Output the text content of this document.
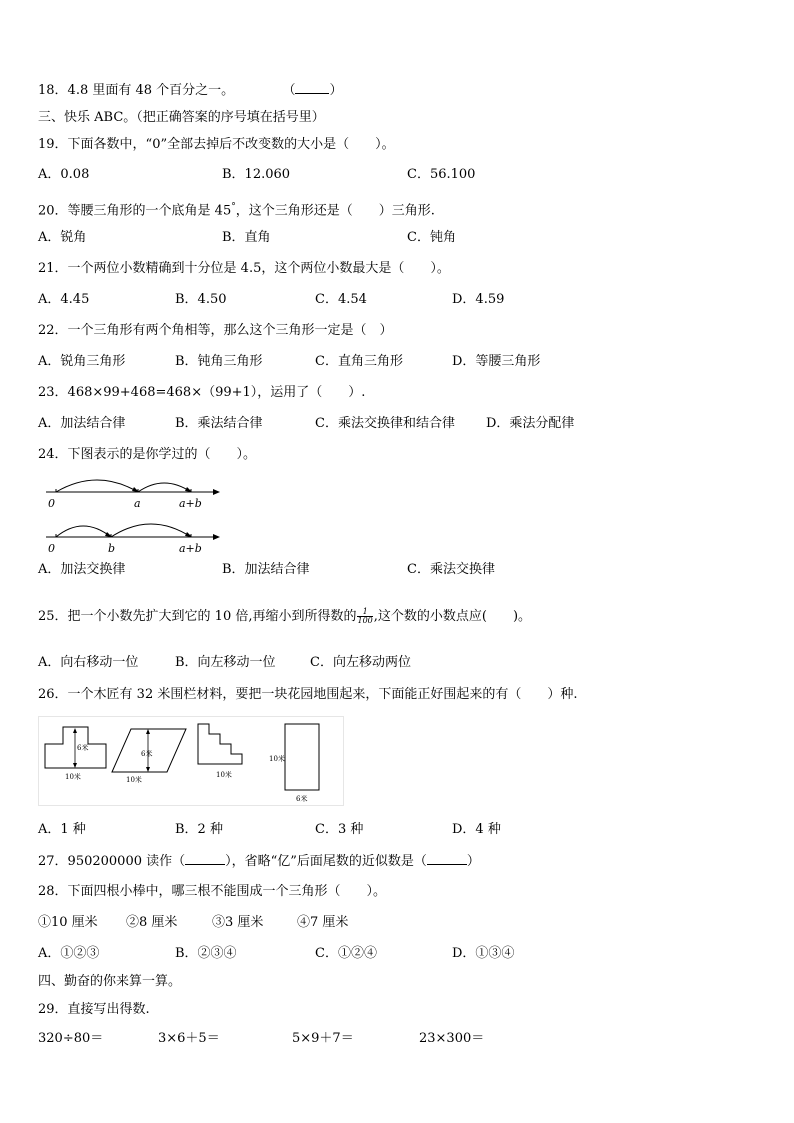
18．4.8 里面有 48 个百分之一。	（	）
三、快乐 ABC。（把正确答案的序号填在括号里）
19．下面各数中，“0”全部去掉后不改变数的大小是（　　）。
A．0.08	B．12.060	C．56.100
20．等腰三角形的一个底角是 45°，这个三角形还是（　　）三角形.
A．锐角	B．直角	C．钝角
21．一个两位小数精确到十分位是 4.5，这个两位小数最大是（　　）。
A．4.45	B．4.50	C．4.54	D．4.59
22．一个三角形有两个角相等，那么这个三角形一定是（　）
A．锐角三角形	B．钝角三角形	C．直角三角形	D．等腰三角形
23．468×99+468=468×（99+1），运用了（　　）.
A．加法结合律	B．乘法结合律	C．乘法交换律和结合律 D．乘法分配律
24．下图表示的是你学过的（　　）。
0	a	a+b
0	b	a+b
A．加法交换律	B．加法结合律	C．乘法交换律
25．把一个小数先扩大到它的 10 倍,再缩小到所得数的 $\frac{1}{100}$ ,这个数的小数点应(　　)。
A．向右移动一位	B．向左移动一位	C．向左移动两位
26．一个木匠有 32 米围栏材料，要把一块花园地围起来，下面能正好围起来的有（　　）种.
6米
10米
6米
10米
10米
10米
6米
A．1 种	B．2 种	C．3 种	D．4 种
27．950200000 读作（	），省略“亿”后面尾数的近似数是（	）
28．下面四根小棒中，哪三根不能围成一个三角形（　　）。
①10 厘米 ②8 厘米	③3 厘米	④7 厘米
A．①②③	B．②③④	C．①②④	D．①③④
四、勤奋的你来算一算。
29．直接写出得数.
320÷80＝	3×6＋5＝	5×9＋7＝	23×300＝
